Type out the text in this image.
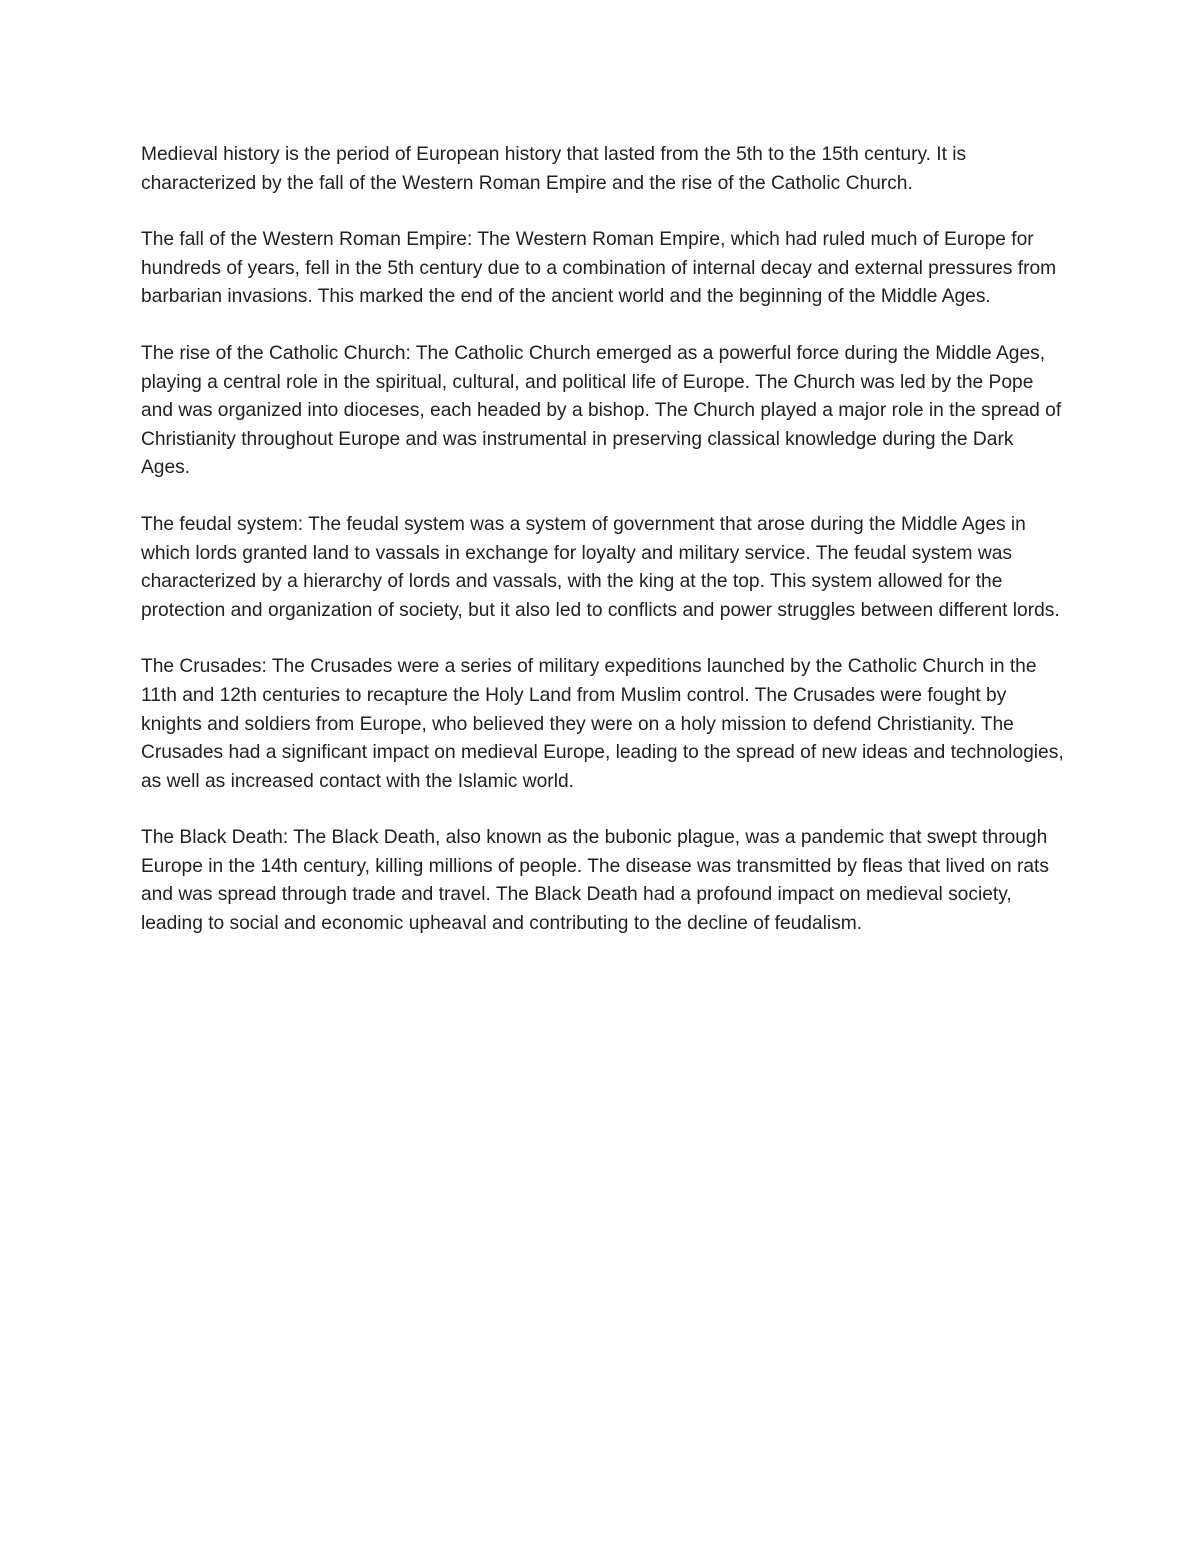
Medieval history is the period of European history that lasted from the 5th to the 15th century. It is characterized by the fall of the Western Roman Empire and the rise of the Catholic Church.

The fall of the Western Roman Empire: The Western Roman Empire, which had ruled much of Europe for hundreds of years, fell in the 5th century due to a combination of internal decay and external pressures from barbarian invasions. This marked the end of the ancient world and the beginning of the Middle Ages.

The rise of the Catholic Church: The Catholic Church emerged as a powerful force during the Middle Ages, playing a central role in the spiritual, cultural, and political life of Europe. The Church was led by the Pope and was organized into dioceses, each headed by a bishop. The Church played a major role in the spread of Christianity throughout Europe and was instrumental in preserving classical knowledge during the Dark Ages.

The feudal system: The feudal system was a system of government that arose during the Middle Ages in which lords granted land to vassals in exchange for loyalty and military service. The feudal system was characterized by a hierarchy of lords and vassals, with the king at the top. This system allowed for the protection and organization of society, but it also led to conflicts and power struggles between different lords.

The Crusades: The Crusades were a series of military expeditions launched by the Catholic Church in the 11th and 12th centuries to recapture the Holy Land from Muslim control. The Crusades were fought by knights and soldiers from Europe, who believed they were on a holy mission to defend Christianity. The Crusades had a significant impact on medieval Europe, leading to the spread of new ideas and technologies, as well as increased contact with the Islamic world.

The Black Death: The Black Death, also known as the bubonic plague, was a pandemic that swept through Europe in the 14th century, killing millions of people. The disease was transmitted by fleas that lived on rats and was spread through trade and travel. The Black Death had a profound impact on medieval society, leading to social and economic upheaval and contributing to the decline of feudalism.
